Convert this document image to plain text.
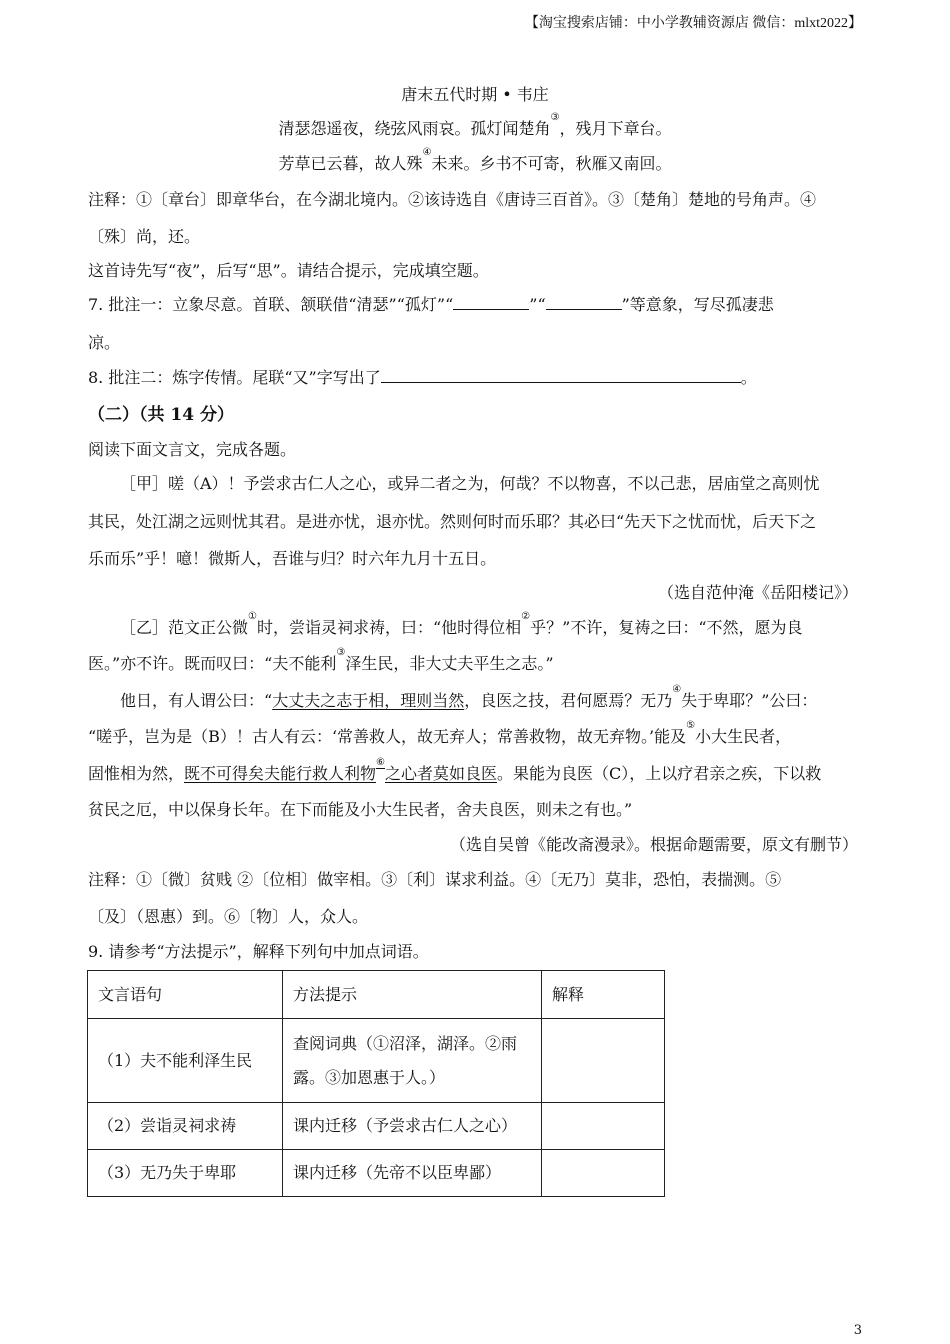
【淘宝搜索店铺：中小学教辅资源店 微信：mlxt2022】
唐末五代时期 • 韦庄
清瑟怨遥夜，绕弦风雨哀。孤灯闻楚角③，残月下章台。
芳草已云暮，故人殊④未来。乡书不可寄，秋雁又南回。
注释：①〔章台〕即章华台，在今湖北境内。②该诗选自《唐诗三百首》。③〔楚角〕楚地的号角声。④
〔殊〕尚，还。
这首诗先写“夜”，后写“思”。请结合提示，完成填空题。
7. 批注一：立象尽意。首联、颔联借“清瑟”“孤灯”“	”“	”等意象，写尽孤凄悲
凉。
8. 批注二：炼字传情。尾联“又”字写出了	。
（二）（共 14 分）
阅读下面文言文，完成各题。
［甲］嗟（A）！予尝求古仁人之心，或异二者之为，何哉？不以物喜，不以己悲，居庙堂之高则忧
其民，处江湖之远则忧其君。是进亦忧，退亦忧。然则何时而乐耶？其必曰“先天下之忧而忧，后天下之
乐而乐”乎！噫！微斯人，吾谁与归？时六年九月十五日。
（选自范仲淹《岳阳楼记》）
［乙］范文正公微①时，尝诣灵祠求祷，曰：“他时得位相②乎？”不许，复祷之曰：“不然，愿为良
医。”亦不许。既而叹曰：“夫不能利③泽生民，非大丈夫平生之志。”
他日，有人谓公曰：“大丈夫之志于相，理则当然，良医之技，君何愿焉？无乃④失于卑耶？”公曰：
“嗟乎，岂为是（B）！古人有云：‘常善救人，故无弃人；常善救物，故无弃物。’能及⑤小大生民者，
固惟相为然，既不可得矣夫能行救人利物⑥之心者莫如良医。果能为良医（C），上以疗君亲之疾，下以救
贫民之厄，中以保身长年。在下而能及小大生民者，舍夫良医，则未之有也。”
（选自吴曾《能改斋漫录》。根据命题需要，原文有删节）
注释：①〔微〕贫贱 ②〔位相〕做宰相。③〔利〕谋求利益。④〔无乃〕莫非，恐怕，表揣测。⑤
〔及〕（恩惠）到。⑥〔物〕人，众人。
9. 请参考“方法提示”，解释下列句中加点词语。
文言语句	方法提示	解释
（1）夫不能利泽生民	查阅词典（①沼泽，湖泽。②雨
露。③加恩惠于人。）	

（2）尝诣灵祠求祷	课内迁移（予尝求古仁人之心）	
（3）无乃失于卑耶	课内迁移（先帝不以臣卑鄙）	
3
